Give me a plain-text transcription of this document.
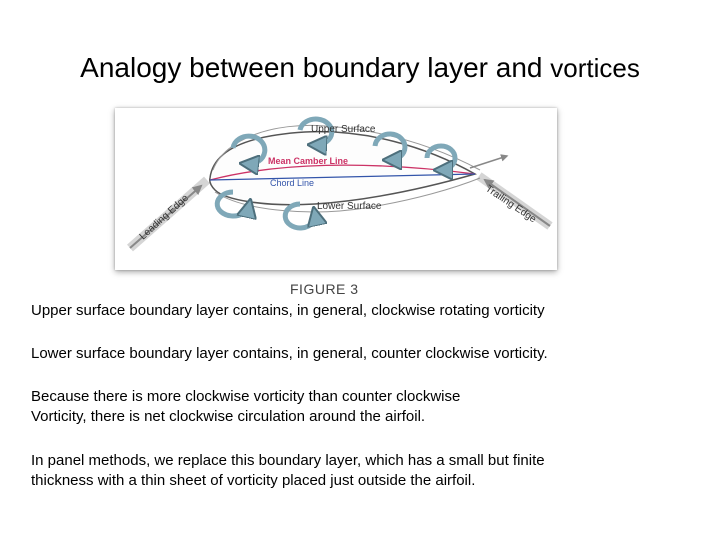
Analogy between boundary layer and vortices
Upper Surface
Mean Camber Line
Chord Line
Lower Surface
Leading Edge	Trailing Edge
FIGURE 3
Upper surface boundary layer contains, in general, clockwise rotating vorticity
Lower surface boundary layer contains, in general, counter clockwise vorticity.
Because there is more clockwise vorticity than counter clockwise
Vorticity, there is net clockwise circulation around the airfoil.
In panel methods, we replace this boundary layer, which has a small but finite
thickness with a thin sheet of vorticity placed just outside the airfoil.
